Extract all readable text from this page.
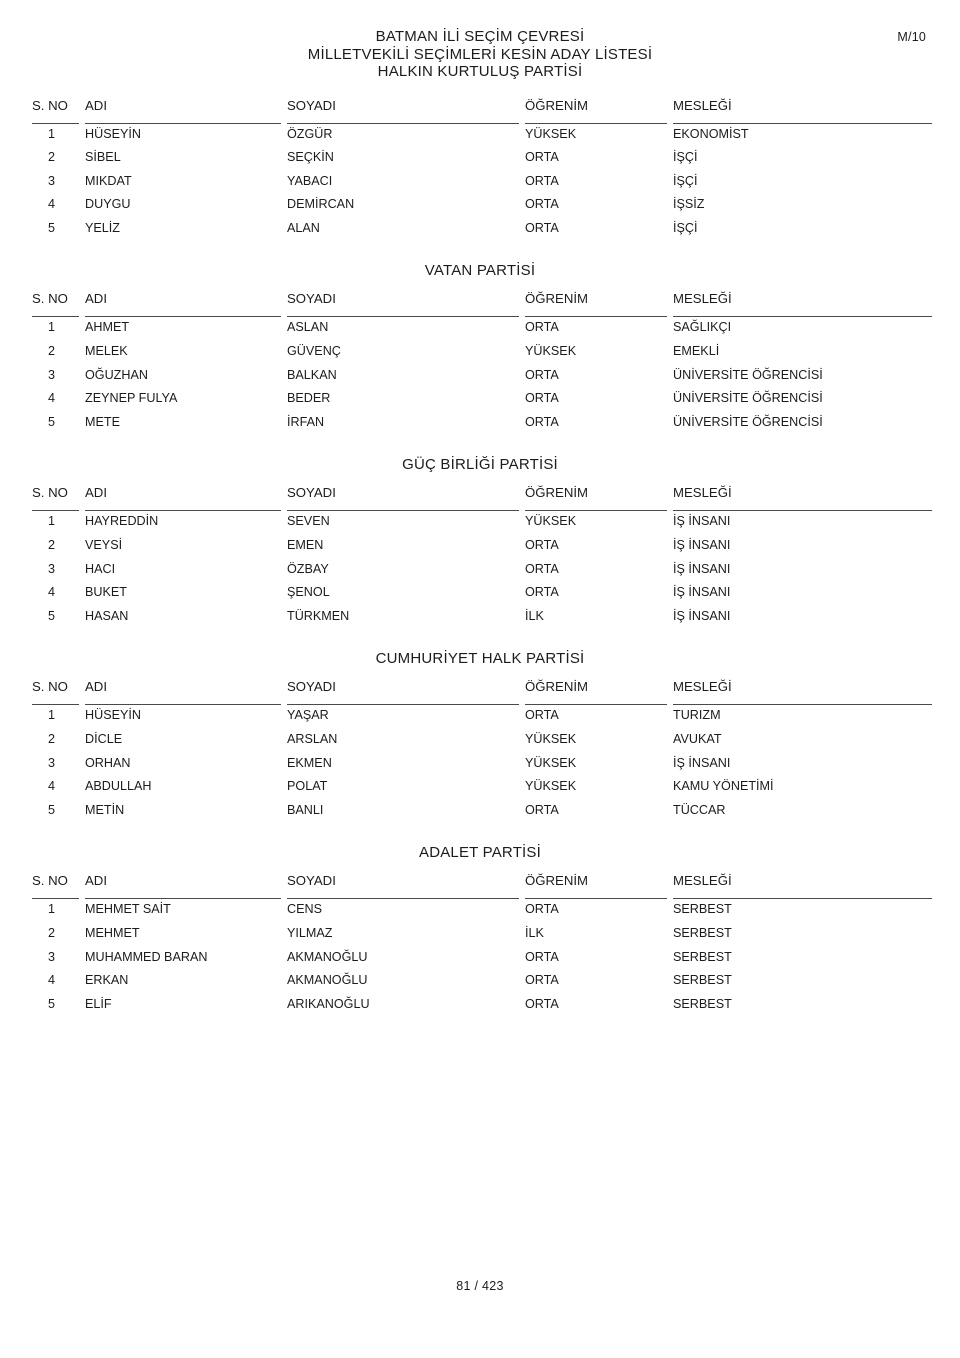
M/10
BATMAN İLİ SEÇİM ÇEVRESİ
MİLLETVEKİLİ SEÇİMLERİ KESİN ADAY LİSTESİ
HALKIN KURTULUŞ PARTİSİ
S. NO	ADI	SOYADI	ÖĞRENİM	MESLEĞİ
1	HÜSEYİN	ÖZGÜR	YÜKSEK	EKONOMİST
2	SİBEL	SEÇKİN	ORTA	İŞÇİ
3	MIKDAT	YABACI	ORTA	İŞÇİ
4	DUYGU	DEMİRCAN	ORTA	İŞSİZ
5	YELİZ	ALAN	ORTA	İŞÇİ
VATAN PARTİSİ
S. NO	ADI	SOYADI	ÖĞRENİM	MESLEĞİ
1	AHMET	ASLAN	ORTA	SAĞLIKÇI
2	MELEK	GÜVENÇ	YÜKSEK	EMEKLİ
3	OĞUZHAN	BALKAN	ORTA	ÜNİVERSİTE ÖĞRENCİSİ
4	ZEYNEP FULYA	BEDER	ORTA	ÜNİVERSİTE ÖĞRENCİSİ
5	METE	İRFAN	ORTA	ÜNİVERSİTE ÖĞRENCİSİ
GÜÇ BİRLİĞİ PARTİSİ
S. NO	ADI	SOYADI	ÖĞRENİM	MESLEĞİ
1	HAYREDDİN	SEVEN	YÜKSEK	İŞ İNSANI
2	VEYSİ	EMEN	ORTA	İŞ İNSANI
3	HACI	ÖZBAY	ORTA	İŞ İNSANI
4	BUKET	ŞENOL	ORTA	İŞ İNSANI
5	HASAN	TÜRKMEN	İLK	İŞ İNSANI
CUMHURİYET HALK PARTİSİ
S. NO	ADI	SOYADI	ÖĞRENİM	MESLEĞİ
1	HÜSEYİN	YAŞAR	ORTA	TURIZM
2	DİCLE	ARSLAN	YÜKSEK	AVUKAT
3	ORHAN	EKMEN	YÜKSEK	İŞ İNSANI
4	ABDULLAH	POLAT	YÜKSEK	KAMU YÖNETİMİ
5	METİN	BANLI	ORTA	TÜCCAR
ADALET PARTİSİ
S. NO	ADI	SOYADI	ÖĞRENİM	MESLEĞİ
1	MEHMET SAİT	CENS	ORTA	SERBEST
2	MEHMET	YILMAZ	İLK	SERBEST
3	MUHAMMED BARAN	AKMANOĞLU	ORTA	SERBEST
4	ERKAN	AKMANOĞLU	ORTA	SERBEST
5	ELİF	ARIKANOĞLU	ORTA	SERBEST
81 / 423
